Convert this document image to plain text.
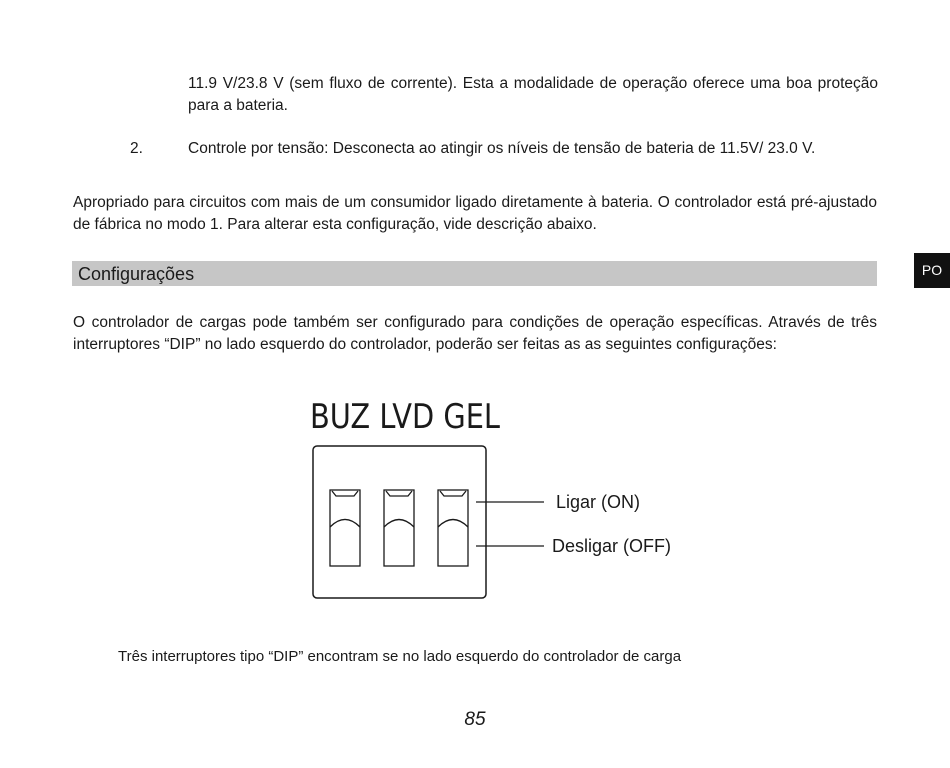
11.9 V/23.8 V (sem fluxo de corrente). Esta a modalidade de operação oferece uma boa proteção para a bateria.

2.	Controle por tensão: Desconecta ao atingir os níveis de tensão de bateria de 11.5V/ 23.0 V.

Apropriado para circuitos com mais de um consumidor ligado diretamente à bateria. O controlador está pré-ajustado de fábrica no modo 1. Para alterar esta configuração, vide descrição abaixo.

Configurações	PO

O controlador de cargas pode também ser configurado para condições de operação específicas. Através de três interruptores “DIP” no lado esquerdo do controlador, poderão ser feitas as as seguintes configurações:

BUZ LVD GEL
Ligar (ON)
Desligar (OFF)

Três interruptores tipo “DIP” encontram se no lado esquerdo do controlador de carga

85
